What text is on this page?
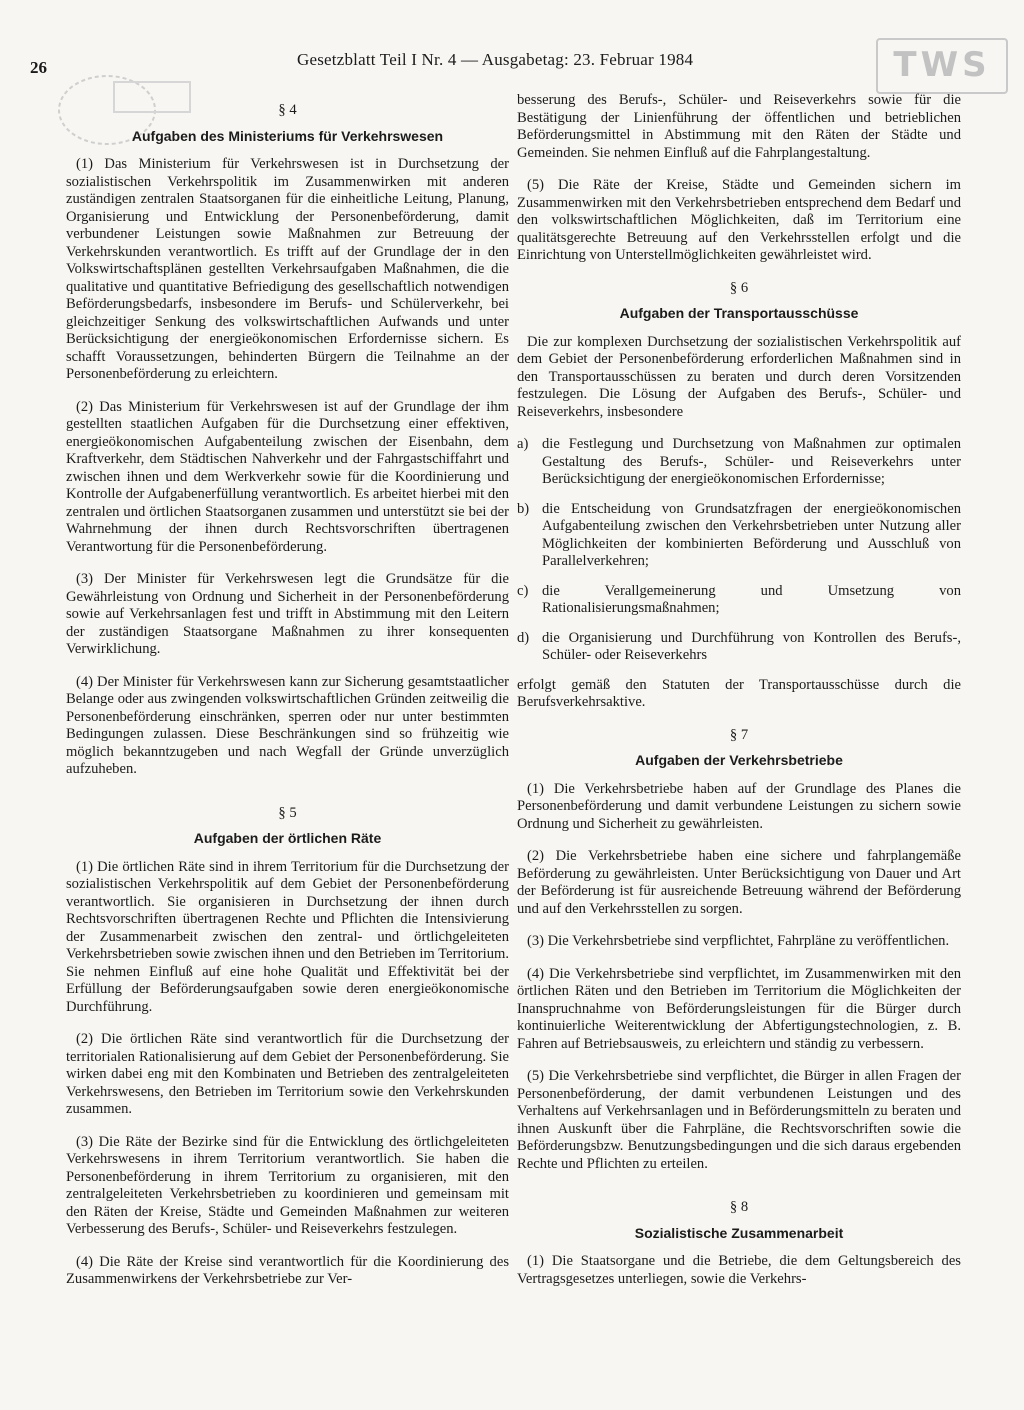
26	Gesetzblatt Teil I Nr. 4 — Ausgabetag: 23. Februar 1984	TWS
§ 4
Aufgaben des Ministeriums für Verkehrswesen

(1) Das Ministerium für Verkehrswesen ist in Durchsetzung der sozialistischen Verkehrspolitik im Zusammenwirken mit anderen zuständigen zentralen Staatsorganen für die einheitliche Leitung, Planung, Organisierung und Entwicklung der Personenbeförderung, damit verbundener Leistungen sowie Maßnahmen zur Betreuung der Verkehrskunden verantwortlich. Es trifft auf der Grundlage der in den Volkswirtschaftsplänen gestellten Verkehrsaufgaben Maßnahmen, die die qualitative und quantitative Befriedigung des gesellschaftlich notwendigen Beförderungsbedarfs, insbesondere im Berufs- und Schülerverkehr, bei gleichzeitiger Senkung des volkswirtschaftlichen Aufwands und unter Berücksichtigung der energieökonomischen Erfordernisse sichern. Es schafft Voraussetzungen, behinderten Bürgern die Teilnahme an der Personenbeförderung zu erleichtern.

(2) Das Ministerium für Verkehrswesen ist auf der Grundlage der ihm gestellten staatlichen Aufgaben für die Durchsetzung einer effektiven, energieökonomischen Aufgabenteilung zwischen der Eisenbahn, dem Kraftverkehr, dem Städtischen Nahverkehr und der Fahrgastschiffahrt und zwischen ihnen und dem Werkverkehr sowie für die Koordinierung und Kontrolle der Aufgabenerfüllung verantwortlich. Es arbeitet hierbei mit den zentralen und örtlichen Staatsorganen zusammen und unterstützt sie bei der Wahrnehmung der ihnen durch Rechtsvorschriften übertragenen Verantwortung für die Personenbeförderung.

(3) Der Minister für Verkehrswesen legt die Grundsätze für die Gewährleistung von Ordnung und Sicherheit in der Personenbeförderung sowie auf Verkehrsanlagen fest und trifft in Abstimmung mit den Leitern der zuständigen Staatsorgane Maßnahmen zu ihrer konsequenten Verwirklichung.

(4) Der Minister für Verkehrswesen kann zur Sicherung gesamtstaatlicher Belange oder aus zwingenden volkswirtschaftlichen Gründen zeitweilig die Personenbeförderung einschränken, sperren oder nur unter bestimmten Bedingungen zulassen. Diese Beschränkungen sind so frühzeitig wie möglich bekanntzugeben und nach Wegfall der Gründe unverzüglich aufzuheben.

§ 5
Aufgaben der örtlichen Räte

(1) Die örtlichen Räte sind in ihrem Territorium für die Durchsetzung der sozialistischen Verkehrspolitik auf dem Gebiet der Personenbeförderung verantwortlich. Sie organisieren in Durchsetzung der ihnen durch Rechtsvorschriften übertragenen Rechte und Pflichten die Intensivierung der Zusammenarbeit zwischen den zentral- und örtlichgeleiteten Verkehrsbetrieben sowie zwischen ihnen und den Betrieben im Territorium. Sie nehmen Einfluß auf eine hohe Qualität und Effektivität bei der Erfüllung der Beförderungsaufgaben sowie deren energieökonomische Durchführung.

(2) Die örtlichen Räte sind verantwortlich für die Durchsetzung der territorialen Rationalisierung auf dem Gebiet der Personenbeförderung. Sie wirken dabei eng mit den Kombinaten und Betrieben des zentralgeleiteten Verkehrswesens, den Betrieben im Territorium sowie den Verkehrskunden zusammen.

(3) Die Räte der Bezirke sind für die Entwicklung des örtlichgeleiteten Verkehrswesens in ihrem Territorium verantwortlich. Sie haben die Personenbeförderung in ihrem Territorium zu organisieren, mit den zentralgeleiteten Verkehrsbetrieben zu koordinieren und gemeinsam mit den Räten der Kreise, Städte und Gemeinden Maßnahmen zur weiteren Verbesserung des Berufs-, Schüler- und Reiseverkehrs festzulegen.

(4) Die Räte der Kreise sind verantwortlich für die Koordinierung des Zusammenwirkens der Verkehrsbetriebe zur Ver-

besserung des Berufs-, Schüler- und Reiseverkehrs sowie für die Bestätigung der Linienführung der öffentlichen und betrieblichen Beförderungsmittel in Abstimmung mit den Räten der Städte und Gemeinden. Sie nehmen Einfluß auf die Fahrplangestaltung.

(5) Die Räte der Kreise, Städte und Gemeinden sichern im Zusammenwirken mit den Verkehrsbetrieben entsprechend dem Bedarf und den volkswirtschaftlichen Möglichkeiten, daß im Territorium eine qualitätsgerechte Betreuung auf den Verkehrsstellen erfolgt und die Einrichtung von Unterstellmöglichkeiten gewährleistet wird.

§ 6
Aufgaben der Transportausschüsse

Die zur komplexen Durchsetzung der sozialistischen Verkehrspolitik auf dem Gebiet der Personenbeförderung erforderlichen Maßnahmen sind in den Transportausschüssen zu beraten und durch deren Vorsitzenden festzulegen. Die Lösung der Aufgaben des Berufs-, Schüler- und Reiseverkehrs, insbesondere

a) die Festlegung und Durchsetzung von Maßnahmen zur optimalen Gestaltung des Berufs-, Schüler- und Reiseverkehrs unter Berücksichtigung der energieökonomischen Erfordernisse;
b) die Entscheidung von Grundsatzfragen der energieökonomischen Aufgabenteilung zwischen den Verkehrsbetrieben unter Nutzung aller Möglichkeiten der kombinierten Beförderung und Ausschluß von Parallelverkehren;
c) die Verallgemeinerung und Umsetzung von Rationalisierungsmaßnahmen;
d) die Organisierung und Durchführung von Kontrollen des Berufs-, Schüler- oder Reiseverkehrs

erfolgt gemäß den Statuten der Transportausschüsse durch die Berufsverkehrsaktive.

§ 7
Aufgaben der Verkehrsbetriebe

(1) Die Verkehrsbetriebe haben auf der Grundlage des Planes die Personenbeförderung und damit verbundene Leistungen zu sichern sowie Ordnung und Sicherheit zu gewährleisten.

(2) Die Verkehrsbetriebe haben eine sichere und fahrplangemäße Beförderung zu gewährleisten. Unter Berücksichtigung von Dauer und Art der Beförderung ist für ausreichende Betreuung während der Beförderung und auf den Verkehrsstellen zu sorgen.

(3) Die Verkehrsbetriebe sind verpflichtet, Fahrpläne zu veröffentlichen.

(4) Die Verkehrsbetriebe sind verpflichtet, im Zusammenwirken mit den örtlichen Räten und den Betrieben im Territorium die Möglichkeiten der Inanspruchnahme von Beförderungsleistungen für die Bürger durch kontinuierliche Weiterentwicklung der Abfertigungstechnologien, z. B. Fahren auf Betriebsausweis, zu erleichtern und ständig zu verbessern.

(5) Die Verkehrsbetriebe sind verpflichtet, die Bürger in allen Fragen der Personenbeförderung, der damit verbundenen Leistungen und des Verhaltens auf Verkehrsanlagen und in Beförderungsmitteln zu beraten und ihnen Auskunft über die Fahrpläne, die Rechtsvorschriften sowie die Beförderungsbzw. Benutzungsbedingungen und die sich daraus ergebenden Rechte und Pflichten zu erteilen.

§ 8
Sozialistische Zusammenarbeit

(1) Die Staatsorgane und die Betriebe, die dem Geltungsbereich des Vertragsgesetzes unterliegen, sowie die Verkehrs-
